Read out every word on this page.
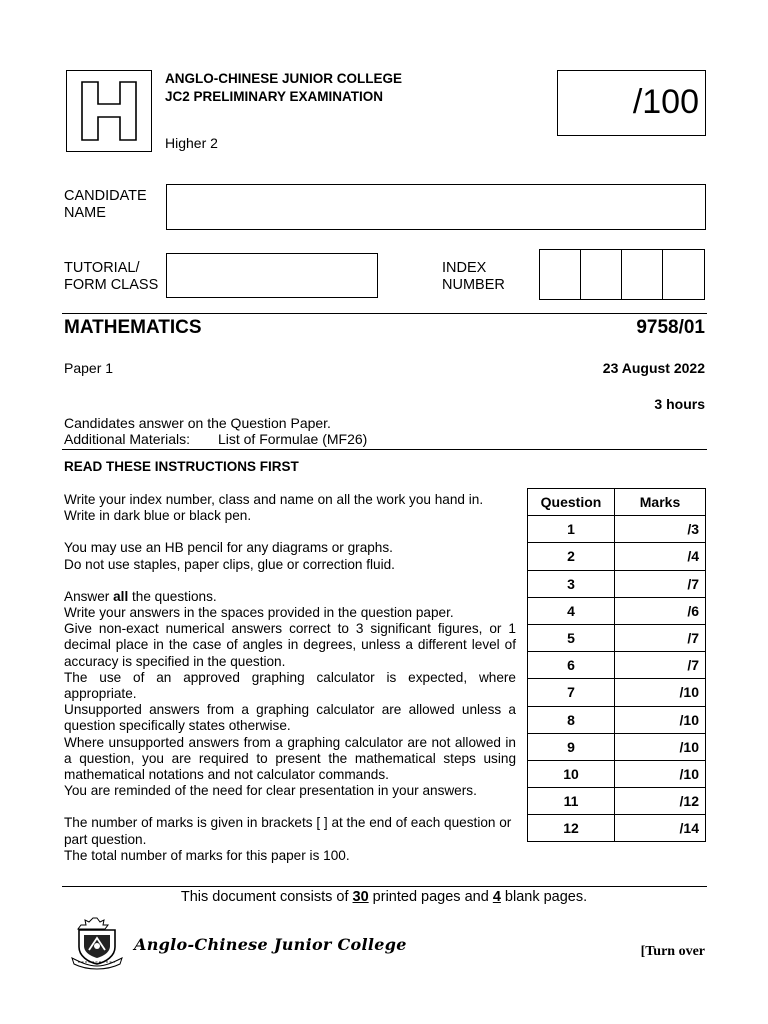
ANGLO-CHINESE JUNIOR COLLEGE
JC2 PRELIMINARY EXAMINATION
Higher 2
/100
CANDIDATE
NAME
TUTORIAL/
FORM CLASS
INDEX
NUMBER
MATHEMATICS	9758/01
Paper 1	23 August 2022
3 hours
Candidates answer on the Question Paper.
Additional Materials: List of Formulae (MF26)
READ THESE INSTRUCTIONS FIRST

Write your index number, class and name on all the work you hand in.

Write in dark blue or black pen.

You may use an HB pencil for any diagrams or graphs.

Do not use staples, paper clips, glue or correction fluid.

Answer all the questions.

Write your answers in the spaces provided in the question paper.

Give non-exact numerical answers correct to 3 significant figures, or 1 decimal place in the case of angles in degrees, unless a different level of accuracy is specified in the question.

The use of an approved graphing calculator is expected, where appropriate.

Unsupported answers from a graphing calculator are allowed unless a question specifically states otherwise.

Where unsupported answers from a graphing calculator are not allowed in a question, you are required to present the mathematical steps using mathematical notations and not calculator commands.

You are reminded of the need for clear presentation in your answers.

The number of marks is given in brackets [ ] at the end of each question or part question.

The total number of marks for this paper is 100.

Question	Marks
1	/3
2	/4
3	/7
4	/6
5	/7
6	/7
7	/10
8	/10
9	/10
10	/10
11	/12
12	/14
This document consists of 30 printed pages and 4 blank pages.
Anglo-Chinese Junior College	[Turn over
